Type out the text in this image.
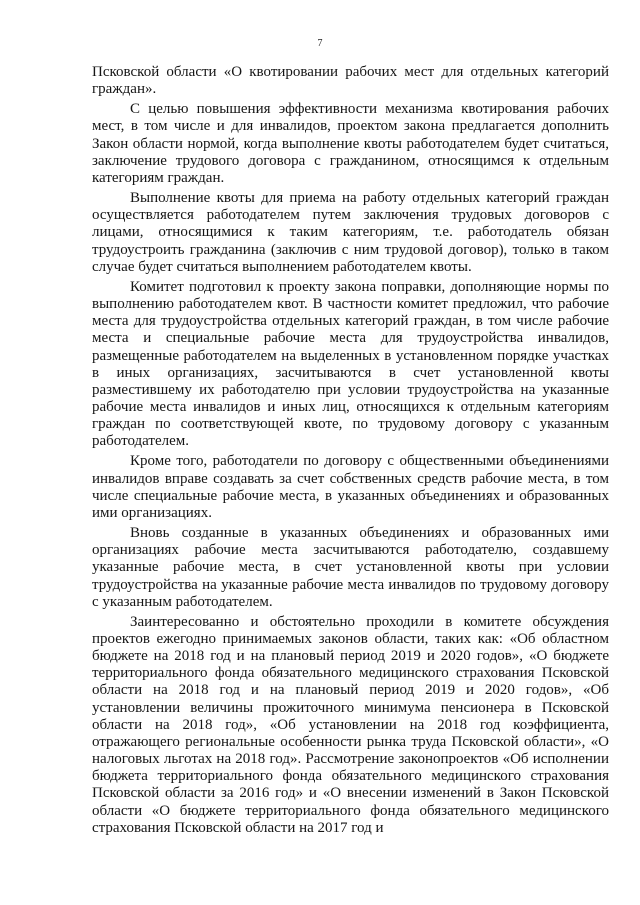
7

Псковской области «О квотировании рабочих мест для отдельных категорий граждан».

С целью повышения эффективности механизма квотирования рабочих мест, в том числе и для инвалидов, проектом закона предлагается дополнить Закон области нормой, когда выполнение квоты работодателем будет считаться, заключение трудового договора с гражданином, относящимся к отдельным категориям граждан.

Выполнение квоты для приема на работу отдельных категорий граждан осуществляется работодателем путем заключения трудовых договоров с лицами, относящимися к таким категориям, т.е. работодатель обязан трудоустроить гражданина (заключив с ним трудовой договор), только в таком случае будет считаться выполнением работодателем квоты.

Комитет подготовил к проекту закона поправки, дополняющие нормы по выполнению работодателем квот. В частности комитет предложил, что рабочие места для трудоустройства отдельных категорий граждан, в том числе рабочие места и специальные рабочие места для трудоустройства инвалидов, размещенные работодателем на выделенных в установленном порядке участках в иных организациях, засчитываются в счет установленной квоты разместившему их работодателю при условии трудоустройства на указанные рабочие места инвалидов и иных лиц, относящихся к отдельным категориям граждан по соответствующей квоте, по трудовому договору с указанным работодателем.

Кроме того, работодатели по договору с общественными объединениями инвалидов вправе создавать за счет собственных средств рабочие места, в том числе специальные рабочие места, в указанных объединениях и образованных ими организациях.

Вновь созданные в указанных объединениях и образованных ими организациях рабочие места засчитываются работодателю, создавшему указанные рабочие места, в счет установленной квоты при условии трудоустройства на указанные рабочие места инвалидов по трудовому договору с указанным работодателем.

Заинтересованно и обстоятельно проходили в комитете обсуждения проектов ежегодно принимаемых законов области, таких как: «Об областном бюджете на 2018 год и на плановый период 2019 и 2020 годов», «О бюджете территориального фонда обязательного медицинского страхования Псковской области на 2018 год и на плановый период 2019 и 2020 годов», «Об установлении величины прожиточного минимума пенсионера в Псковской области на 2018 год», «Об установлении на 2018 год коэффициента, отражающего региональные особенности рынка труда Псковской области», «О налоговых льготах на 2018 год». Рассмотрение законопроектов «Об исполнении бюджета территориального фонда обязательного медицинского страхования Псковской области за 2016 год» и «О внесении изменений в Закон Псковской области «О бюджете территориального фонда обязательного медицинского страхования Псковской области на 2017 год и
